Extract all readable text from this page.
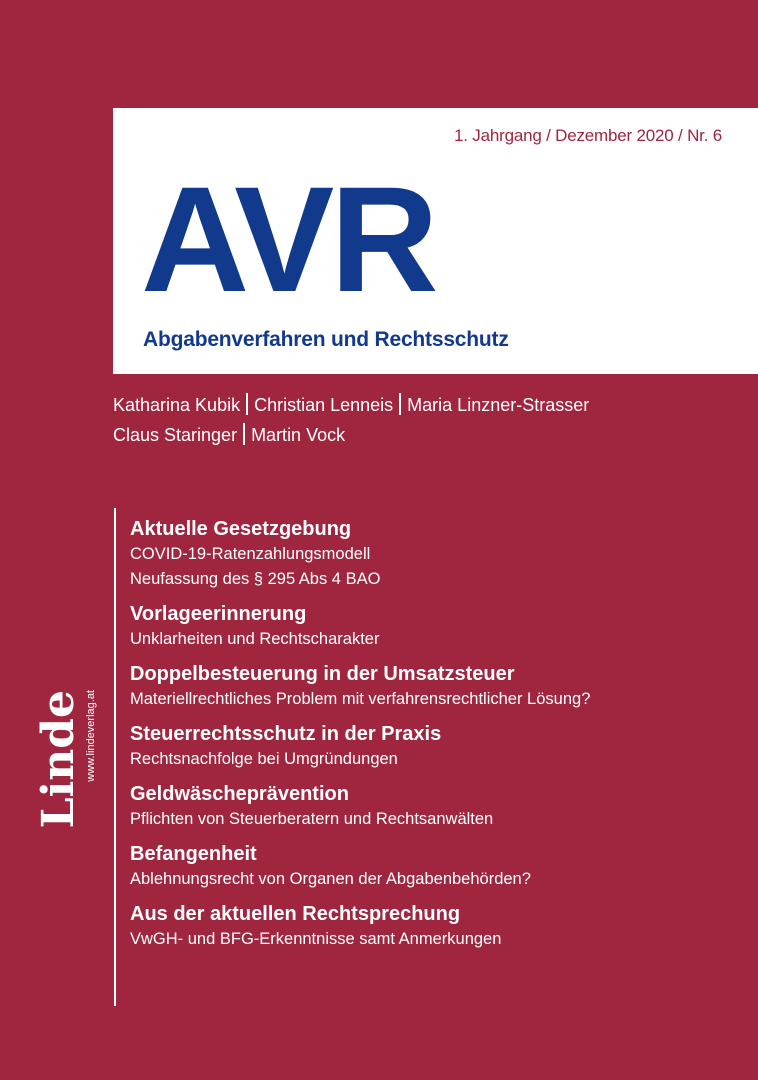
1. Jahrgang / Dezember 2020 / Nr. 6
AVR
Abgabenverfahren und Rechtsschutz
Katharina Kubik Christian Lenneis Maria Linzner-Strasser
Claus Staringer Martin Vock
Aktuelle Gesetzgebung
COVID-19-Ratenzahlungsmodell
Neufassung des § 295 Abs 4 BAO
Vorlageerinnerung
Unklarheiten und Rechtscharakter
Doppelbesteuerung in der Umsatzsteuer
Materiellrechtliches Problem mit verfahrensrechtlicher Lösung?
Steuerrechtsschutz in der Praxis
Rechtsnachfolge bei Umgründungen
Geldwäscheprävention
Pflichten von Steuerberatern und Rechtsanwälten
Befangenheit
Ablehnungsrecht von Organen der Abgabenbehörden?
Aus der aktuellen Rechtsprechung
VwGH- und BFG-Erkenntnisse samt Anmerkungen
Linde www.lindeverlag.at
